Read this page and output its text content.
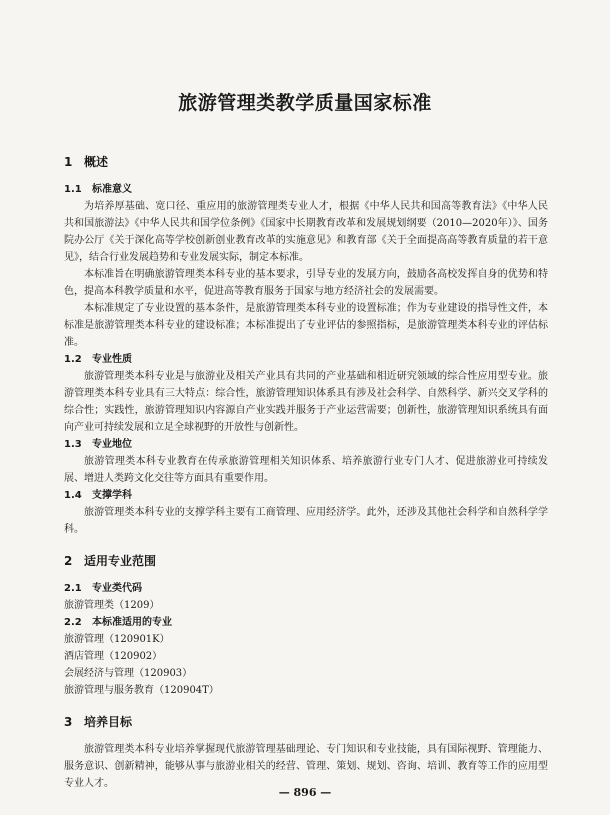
旅游管理类教学质量国家标准
1 概述
1.1 标准意义

为培养厚基础、宽口径、重应用的旅游管理类专业人才，根据《中华人民共和国高等教育法》《中华人民共和国旅游法》《中华人民共和国学位条例》《国家中长期教育改革和发展规划纲要（2010—2020年）》、国务院办公厅《关于深化高等学校创新创业教育改革的实施意见》和教育部《关于全面提高高等教育质量的若干意见》，结合行业发展趋势和专业发展实际，制定本标准。

本标准旨在明确旅游管理类本科专业的基本要求，引导专业的发展方向，鼓励各高校发挥自身的优势和特色，提高本科教学质量和水平，促进高等教育服务于国家与地方经济社会的发展需要。

本标准规定了专业设置的基本条件，是旅游管理类本科专业的设置标准；作为专业建设的指导性文件，本标准是旅游管理类本科专业的建设标准；本标准提出了专业评估的参照指标，是旅游管理类本科专业的评估标准。

1.2 专业性质

旅游管理类本科专业是与旅游业及相关产业具有共同的产业基础和相近研究领域的综合性应用型专业。旅游管理类本科专业具有三大特点：综合性，旅游管理知识体系具有涉及社会科学、自然科学、新兴交叉学科的综合性；实践性，旅游管理知识内容源自产业实践并服务于产业运营需要；创新性，旅游管理知识系统具有面向产业可持续发展和立足全球视野的开放性与创新性。

1.3 专业地位

旅游管理类本科专业教育在传承旅游管理相关知识体系、培养旅游行业专门人才、促进旅游业可持续发展、增进人类跨文化交往等方面具有重要作用。

1.4 支撑学科

旅游管理类本科专业的支撑学科主要有工商管理、应用经济学。此外，还涉及其他社会科学和自然科学学科。

2 适用专业范围
2.1 专业类代码

旅游管理类（1209）

2.2 本标准适用的专业

旅游管理（120901K）

酒店管理（120902）

会展经济与管理（120903）

旅游管理与服务教育（120904T）

3 培养目标

旅游管理类本科专业培养掌握现代旅游管理基础理论、专门知识和专业技能，具有国际视野、管理能力、服务意识、创新精神，能够从事与旅游业相关的经营、管理、策划、规划、咨询、培训、教育等工作的应用型专业人才。

— 896 —
